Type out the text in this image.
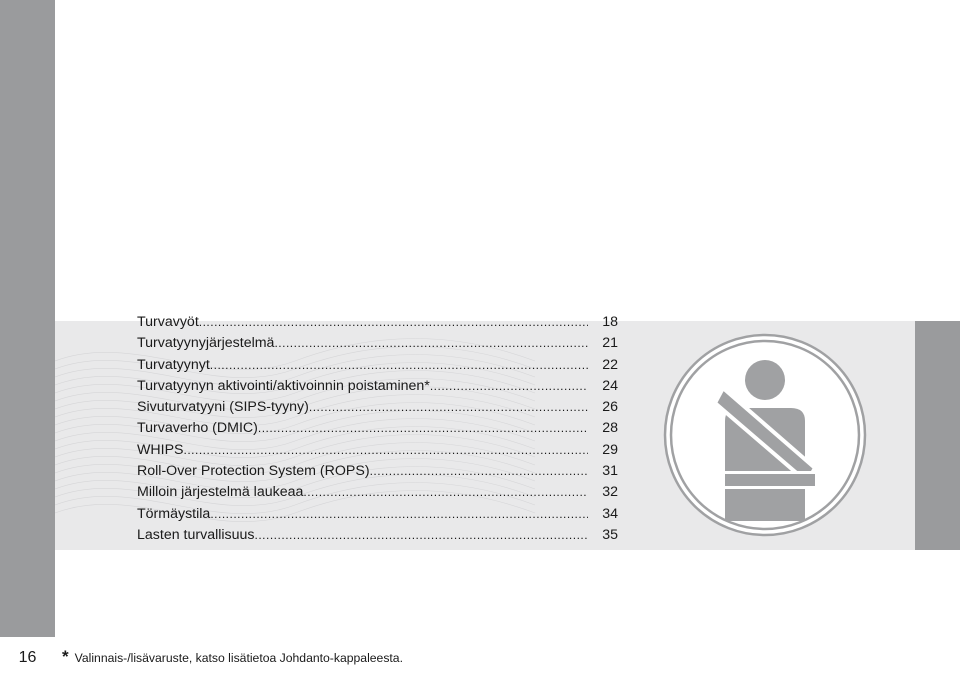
16
Turvavyöt .....	18
Turvatyynyjärjestelmä .....	21
Turvatyynyt .....	22
Turvatyynyn aktivointi/aktivoinnin poistaminen* .....	24
Sivuturvatyyni (SIPS-tyyny) .....	26
Turvaverho (DMIC) .....	28
WHIPS .....	29
Roll-Over Protection System (ROPS) .....	31
Milloin järjestelmä laukeaa .....	32
Törmäystila .....	34
Lasten turvallisuus .....	35
* Valinnais-/lisävaruste, katso lisätietoa Johdanto-kappaleesta.
